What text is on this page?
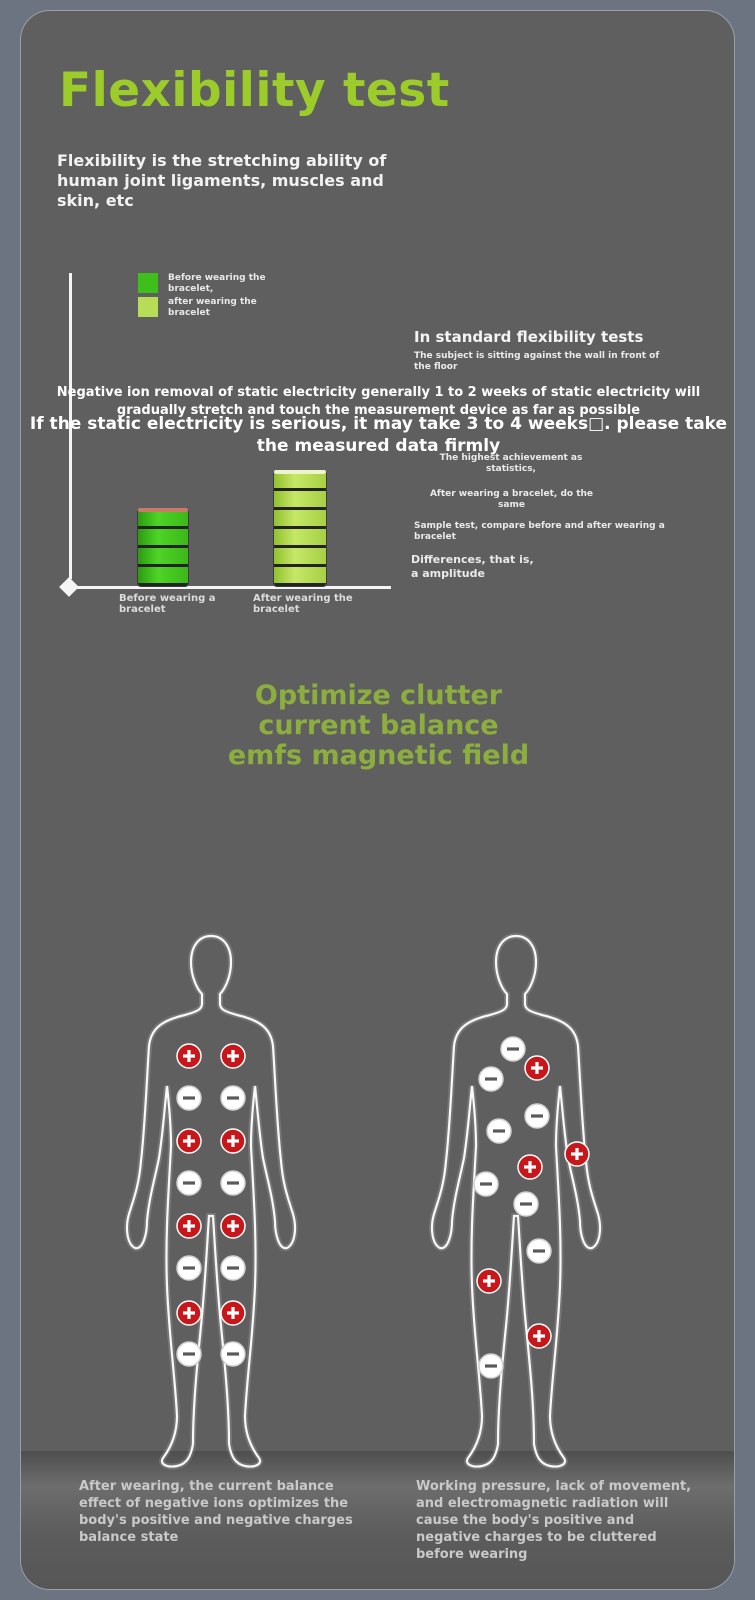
Flexibility test
Flexibility is the stretching ability of human joint ligaments, muscles and skin, etc
Before wearing the bracelet,
after wearing the bracelet
Before wearing a bracelet
After wearing the bracelet
In standard flexibility tests
The subject is sitting against the wall in front of the floor
The highest achievement as statistics,
After wearing a bracelet, do the same
Sample test, compare before and after wearing a bracelet
Differences, that is, a amplitude
Negative ion removal of static electricity generally 1 to 2 weeks of static electricity will gradually stretch and touch the measurement device as far as possible
If the static electricity is serious, it may take 3 to 4 weeks□. please take the measured data firmly
Optimize clutter
current balance
emfs magnetic field
After wearing, the current balance effect of negative ions optimizes the body's positive and negative charges balance state
Working pressure, lack of movement, and electromagnetic radiation will cause the body's positive and negative charges to be cluttered before wearing
